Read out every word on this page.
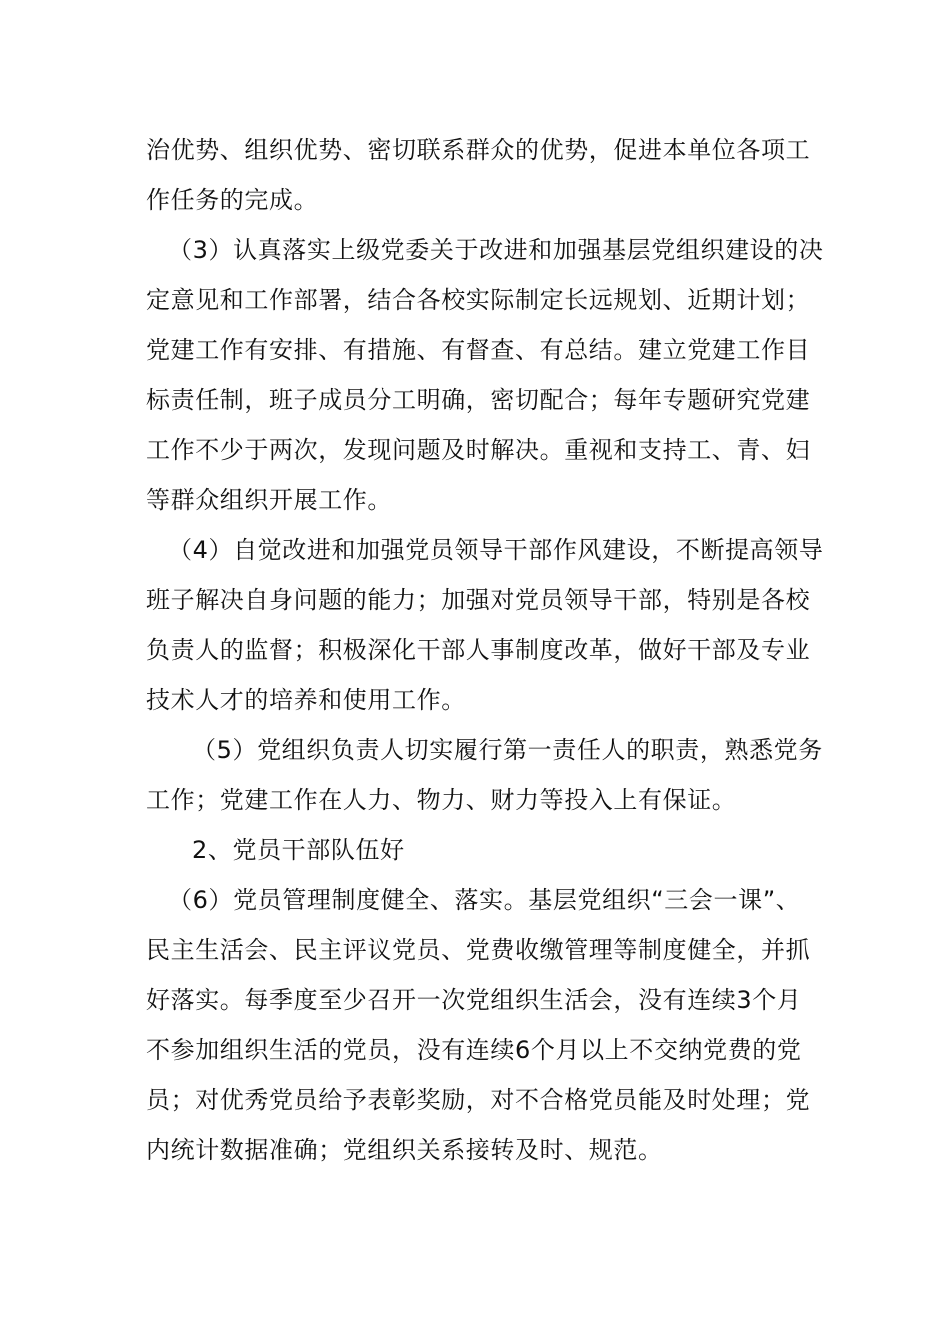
治优势、组织优势、密切联系群众的优势，促进本单位各项工
作任务的完成。
（3）认真落实上级党委关于改进和加强基层党组织建设的决
定意见和工作部署，结合各校实际制定长远规划、近期计划；
党建工作有安排、有措施、有督查、有总结。建立党建工作目
标责任制，班子成员分工明确，密切配合；每年专题研究党建
工作不少于两次，发现问题及时解决。重视和支持工、青、妇
等群众组织开展工作。
（4）自觉改进和加强党员领导干部作风建设，不断提高领导
班子解决自身问题的能力；加强对党员领导干部，特别是各校
负责人的监督；积极深化干部人事制度改革，做好干部及专业
技术人才的培养和使用工作。
（5）党组织负责人切实履行第一责任人的职责，熟悉党务
工作；党建工作在人力、物力、财力等投入上有保证。
2、党员干部队伍好
（6）党员管理制度健全、落实。基层党组织“三会一课”、
民主生活会、民主评议党员、党费收缴管理等制度健全，并抓
好落实。每季度至少召开一次党组织生活会，没有连续3个月
不参加组织生活的党员，没有连续6个月以上不交纳党费的党
员；对优秀党员给予表彰奖励，对不合格党员能及时处理；党
内统计数据准确；党组织关系接转及时、规范。
